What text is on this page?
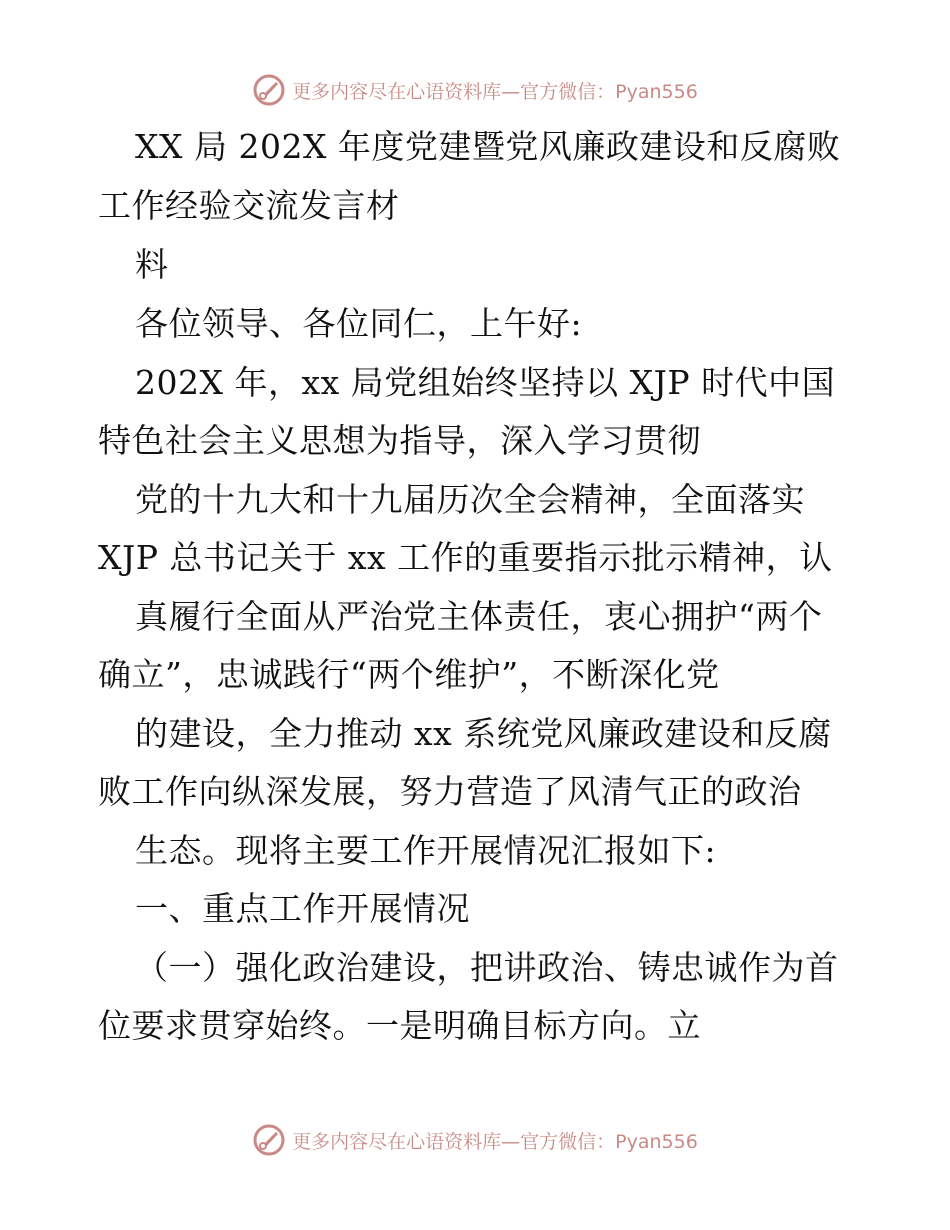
更多内容尽在心语资料库—官方微信：Pyan556
XX 局 202X 年度党建暨党风廉政建设和反腐败
工作经验交流发言材
料
各位领导、各位同仁，上午好:
202X 年，xx 局党组始终坚持以 XJP 时代中国
特色社会主义思想为指导，深入学习贯彻
党的十九大和十九届历次全会精神，全面落实
XJP 总书记关于 xx 工作的重要指示批示精神，认
真履行全面从严治党主体责任，衷心拥护“两个
确立”，忠诚践行“两个维护”，不断深化党
的建设，全力推动 xx 系统党风廉政建设和反腐
败工作向纵深发展，努力营造了风清气正的政治
生态。现将主要工作开展情况汇报如下:
一、重点工作开展情况
（一）强化政治建设，把讲政治、铸忠诚作为首
位要求贯穿始终。一是明确目标方向。立
更多内容尽在心语资料库—官方微信：Pyan556
